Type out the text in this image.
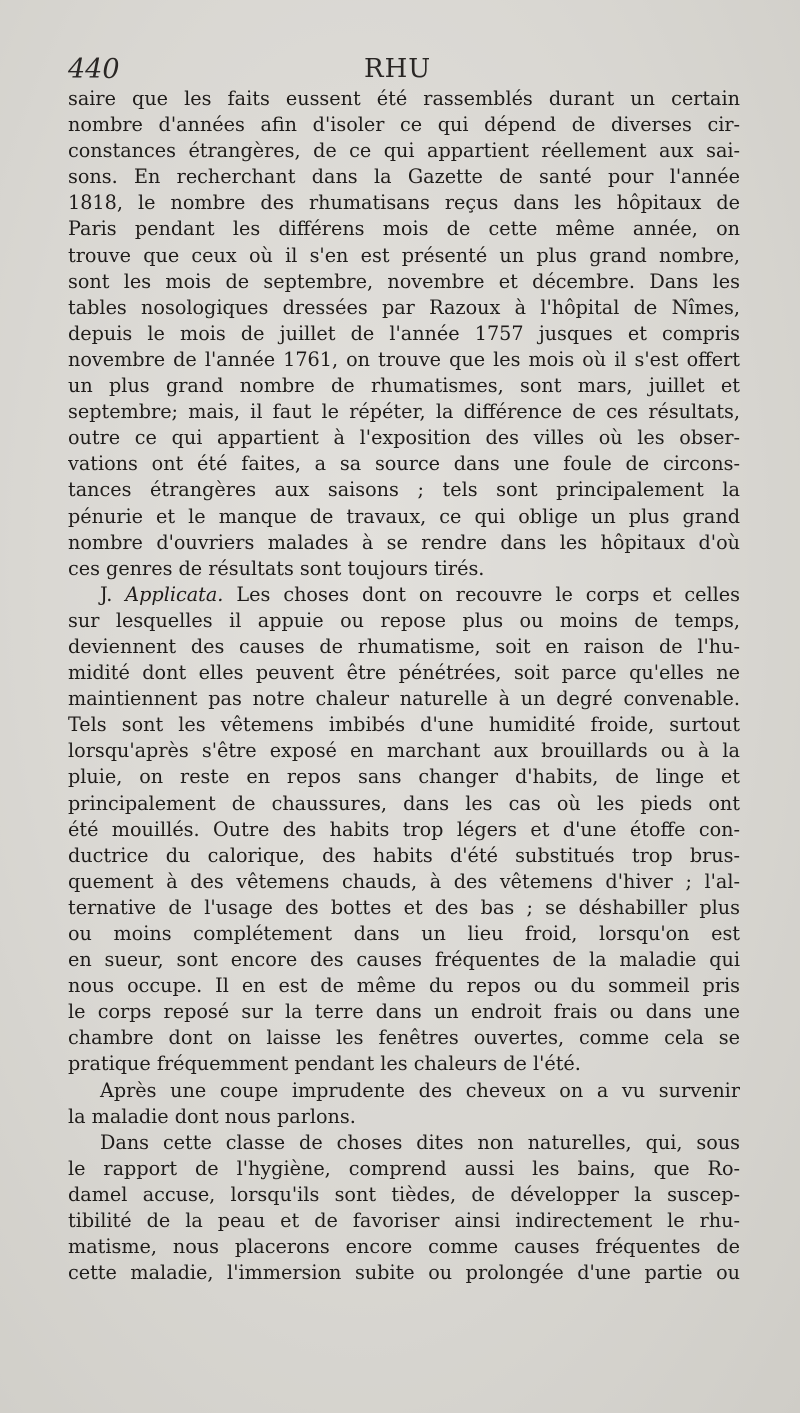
440	RHU
saire que les faits eussent été rassemblés durant un certain
nombre d'années afin d'isoler ce qui dépend de diverses cir-
constances étrangères, de ce qui appartient réellement aux sai-
sons. En recherchant dans la Gazette de santé pour l'année
1818, le nombre des rhumatisans reçus dans les hôpitaux de
Paris pendant les différens mois de cette même année, on
trouve que ceux où il s'en est présenté un plus grand nombre,
sont les mois de septembre, novembre et décembre. Dans les
tables nosologiques dressées par Razoux à l'hôpital de Nîmes,
depuis le mois de juillet de l'année 1757 jusques et compris
novembre de l'année 1761, on trouve que les mois où il s'est offert
un plus grand nombre de rhumatismes, sont mars, juillet et
septembre; mais, il faut le répéter, la différence de ces résultats,
outre ce qui appartient à l'exposition des villes où les obser-
vations ont été faites, a sa source dans une foule de circons-
tances étrangères aux saisons ; tels sont principalement la
pénurie et le manque de travaux, ce qui oblige un plus grand
nombre d'ouvriers malades à se rendre dans les hôpitaux d'où
ces genres de résultats sont toujours tirés.
J. Applicata. Les choses dont on recouvre le corps et celles
sur lesquelles il appuie ou repose plus ou moins de temps,
deviennent des causes de rhumatisme, soit en raison de l'hu-
midité dont elles peuvent être pénétrées, soit parce qu'elles ne
maintiennent pas notre chaleur naturelle à un degré convenable.
Tels sont les vêtemens imbibés d'une humidité froide, surtout
lorsqu'après s'être exposé en marchant aux brouillards ou à la
pluie, on reste en repos sans changer d'habits, de linge et
principalement de chaussures, dans les cas où les pieds ont
été mouillés. Outre des habits trop légers et d'une étoffe con-
ductrice du calorique, des habits d'été substitués trop brus-
quement à des vêtemens chauds, à des vêtemens d'hiver ; l'al-
ternative de l'usage des bottes et des bas ; se déshabiller plus
ou moins complétement dans un lieu froid, lorsqu'on est
en sueur, sont encore des causes fréquentes de la maladie qui
nous occupe. Il en est de même du repos ou du sommeil pris
le corps reposé sur la terre dans un endroit frais ou dans une
chambre dont on laisse les fenêtres ouvertes, comme cela se
pratique fréquemment pendant les chaleurs de l'été.
Après une coupe imprudente des cheveux on a vu survenir
la maladie dont nous parlons.
Dans cette classe de choses dites non naturelles, qui, sous
le rapport de l'hygiène, comprend aussi les bains, que Ro-
damel accuse, lorsqu'ils sont tièdes, de développer la suscep-
tibilité de la peau et de favoriser ainsi indirectement le rhu-
matisme, nous placerons encore comme causes fréquentes de
cette maladie, l'immersion subite ou prolongée d'une partie ou
